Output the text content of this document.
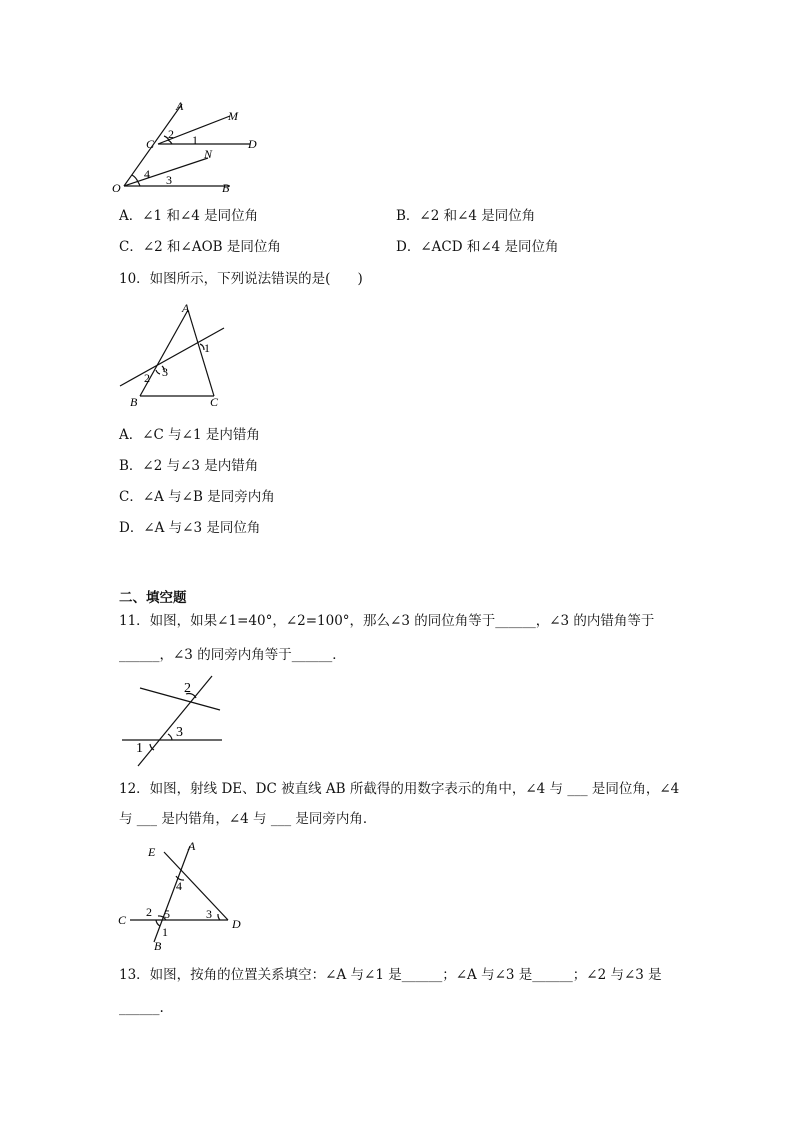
A
M
C	D
N
O	B
1
2
3
4
A．∠1 和∠4 是同位角	B．∠2 和∠4 是同位角
C．∠2 和∠AOB 是同位角	D．∠ACD 和∠4 是同位角
10．如图所示，下列说法错误的是(　　)
A
B	C
1
2 3
A．∠C 与∠1 是内错角
B．∠2 与∠3 是内错角
C．∠A 与∠B 是同旁内角
D．∠A 与∠3 是同位角
二、填空题
11．如图，如果∠1=40°，∠2=100°，那么∠3 的同位角等于______，∠3 的内错角等于
______，∠3 的同旁内角等于______．
2
3
1
12．如图，射线 DE、DC 被直线 AB 所截得的用数字表示的角中，∠4 与 ___ 是同位角，∠4
与 ___ 是内错角，∠4 与 ___ 是同旁内角．
E	A
C	D
B
4
2 5	3
1
13．如图，按角的位置关系填空：∠A 与∠1 是______；∠A 与∠3 是______；∠2 与∠3 是
______.
